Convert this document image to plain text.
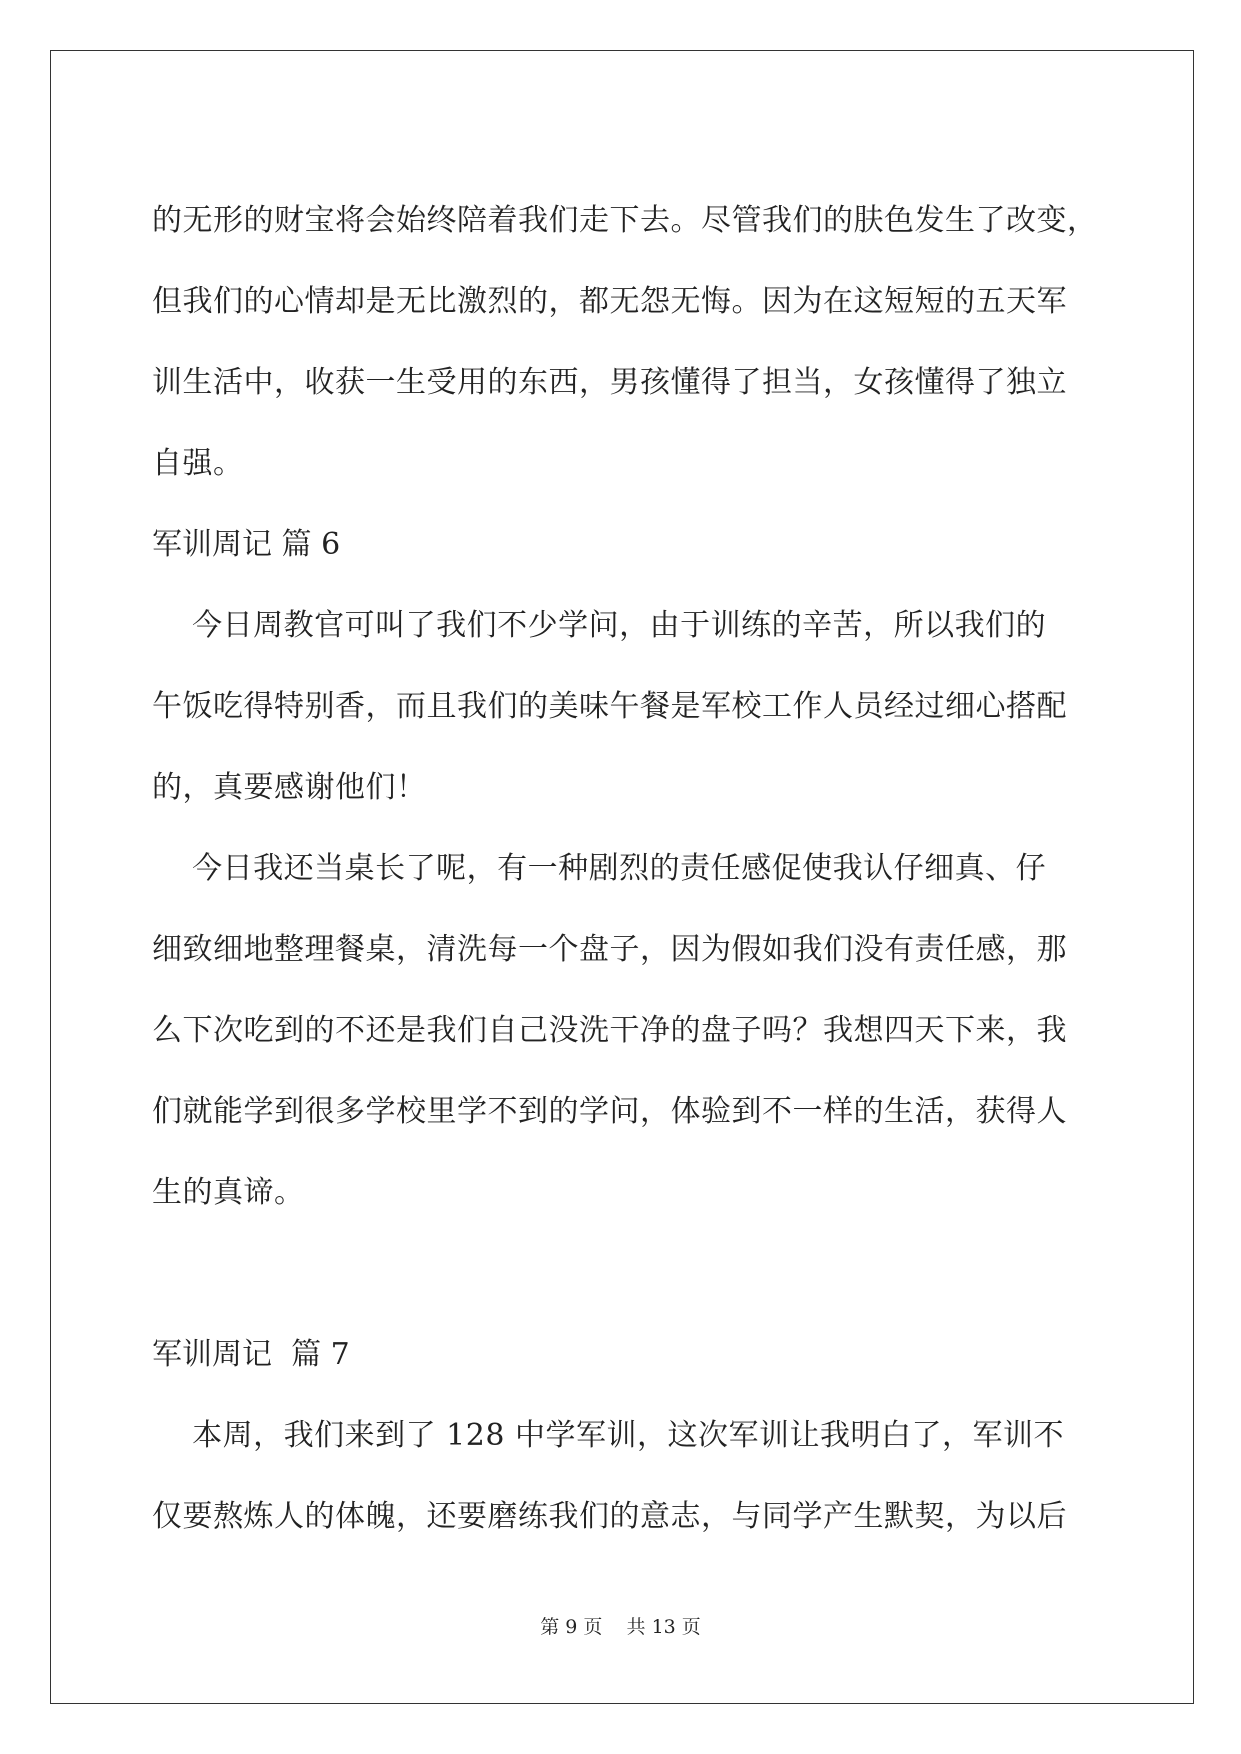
的无形的财宝将会始终陪着我们走下去。尽管我们的肤色发生了改变，
但我们的心情却是无比激烈的，都无怨无悔。因为在这短短的五天军
训生活中，收获一生受用的东西，男孩懂得了担当，女孩懂得了独立
自强。
军训周记 篇 6
今日周教官可叫了我们不少学问，由于训练的辛苦，所以我们的
午饭吃得特别香，而且我们的美味午餐是军校工作人员经过细心搭配
的，真要感谢他们！
今日我还当桌长了呢，有一种剧烈的责任感促使我认仔细真、仔
细致细地整理餐桌，清洗每一个盘子，因为假如我们没有责任感，那
么下次吃到的不还是我们自己没洗干净的盘子吗？我想四天下来，我
们就能学到很多学校里学不到的学问，体验到不一样的生活，获得人
生的真谛。
军训周记  篇 7
本周，我们来到了 128 中学军训，这次军训让我明白了，军训不
仅要熬炼人的体魄，还要磨练我们的意志，与同学产生默契，为以后
第 9 页    共 13 页
